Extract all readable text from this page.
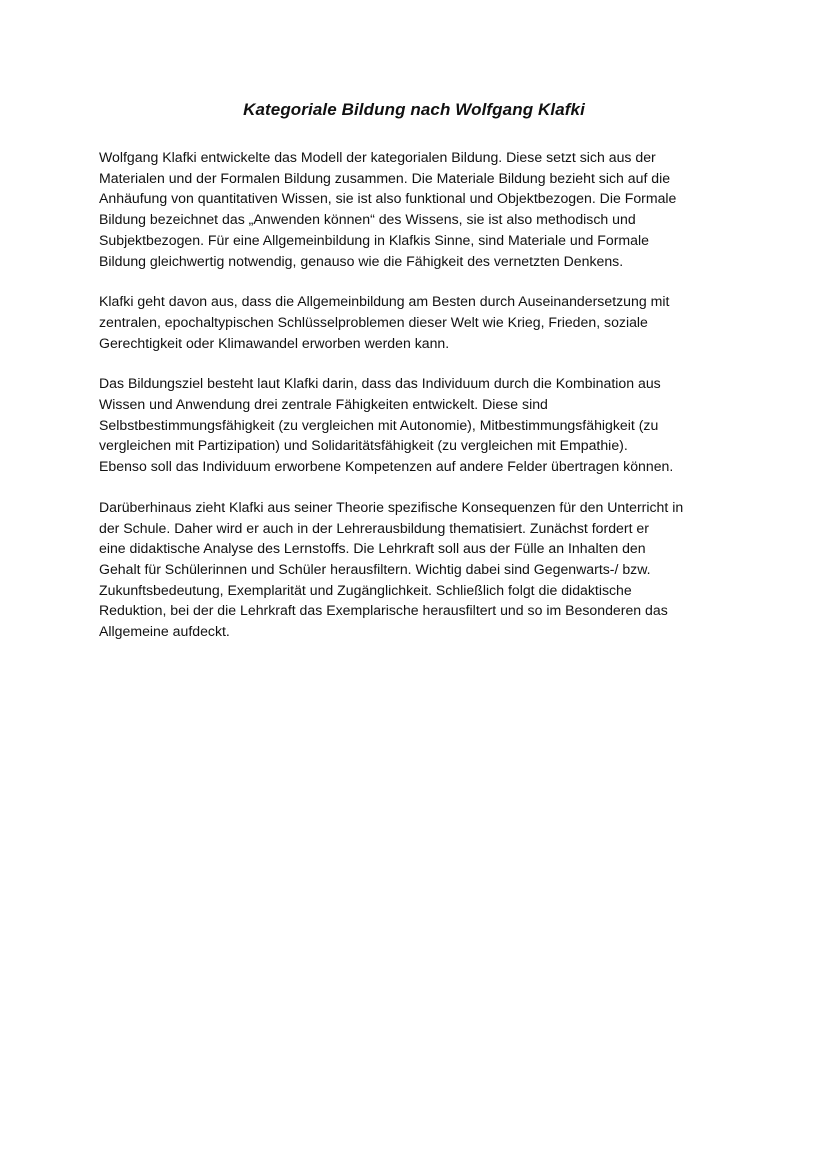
Kategoriale Bildung nach Wolfgang Klafki

Wolfgang Klafki entwickelte das Modell der kategorialen Bildung. Diese setzt sich aus der
Materialen und der Formalen Bildung zusammen. Die Materiale Bildung bezieht sich auf die
Anhäufung von quantitativen Wissen, sie ist also funktional und Objektbezogen. Die Formale
Bildung bezeichnet das „Anwenden können“ des Wissens, sie ist also methodisch und
Subjektbezogen. Für eine Allgemeinbildung in Klafkis Sinne, sind Materiale und Formale
Bildung gleichwertig notwendig, genauso wie die Fähigkeit des vernetzten Denkens.

Klafki geht davon aus, dass die Allgemeinbildung am Besten durch Auseinandersetzung mit
zentralen, epochaltypischen Schlüsselproblemen dieser Welt wie Krieg, Frieden, soziale
Gerechtigkeit oder Klimawandel erworben werden kann.

Das Bildungsziel besteht laut Klafki darin, dass das Individuum durch die Kombination aus
Wissen und Anwendung drei zentrale Fähigkeiten entwickelt. Diese sind
Selbstbestimmungsfähigkeit (zu vergleichen mit Autonomie), Mitbestimmungsfähigkeit (zu
vergleichen mit Partizipation) und Solidaritätsfähigkeit (zu vergleichen mit Empathie).
Ebenso soll das Individuum erworbene Kompetenzen auf andere Felder übertragen können.

Darüberhinaus zieht Klafki aus seiner Theorie spezifische Konsequenzen für den Unterricht in
der Schule. Daher wird er auch in der Lehrerausbildung thematisiert. Zunächst fordert er
eine didaktische Analyse des Lernstoffs. Die Lehrkraft soll aus der Fülle an Inhalten den
Gehalt für Schülerinnen und Schüler herausfiltern. Wichtig dabei sind Gegenwarts-/ bzw.
Zukunftsbedeutung, Exemplarität und Zugänglichkeit. Schließlich folgt die didaktische
Reduktion, bei der die Lehrkraft das Exemplarische herausfiltert und so im Besonderen das
Allgemeine aufdeckt.
